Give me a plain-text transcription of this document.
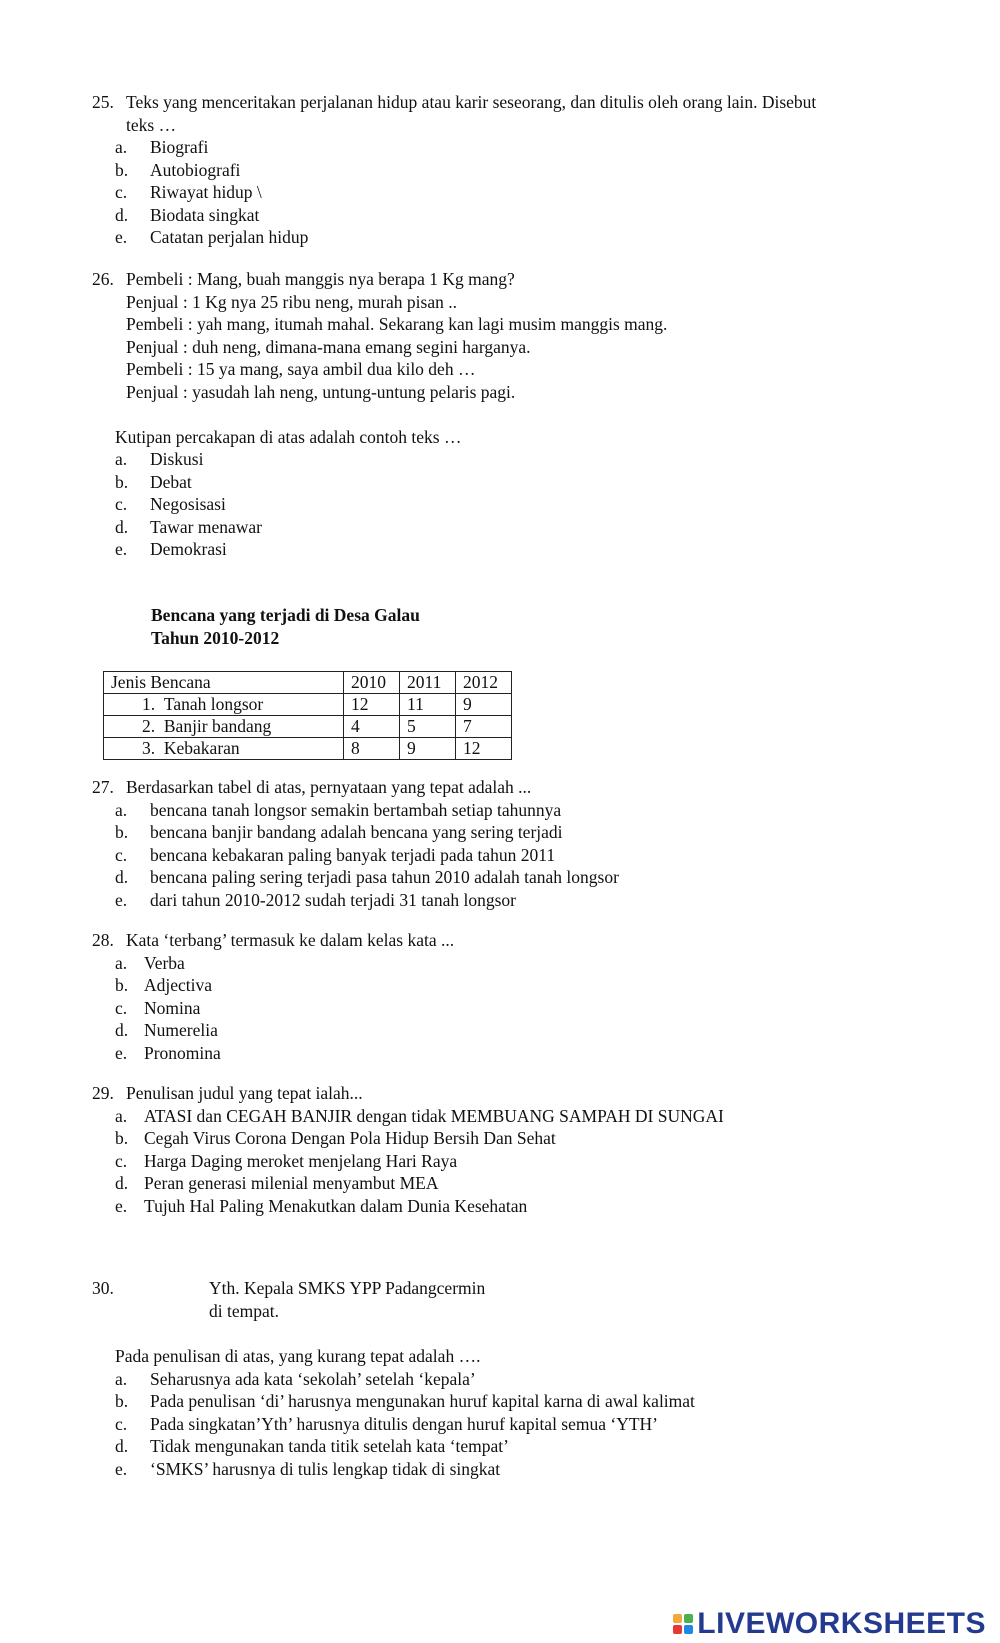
25. Teks yang menceritakan perjalanan hidup atau karir seseorang, dan ditulis oleh orang lain. Disebut
teks …
a. Biografi
b. Autobiografi
c. Riwayat hidup \
d. Biodata singkat
e. Catatan perjalan hidup
26. Pembeli : Mang, buah manggis nya berapa 1 Kg mang?
Penjual : 1 Kg nya 25 ribu neng, murah pisan ..
Pembeli : yah mang, itumah mahal. Sekarang kan lagi musim manggis mang.
Penjual : duh neng, dimana-mana emang segini harganya.
Pembeli : 15 ya mang, saya ambil dua kilo deh …
Penjual : yasudah lah neng, untung-untung pelaris pagi.
Kutipan percakapan di atas adalah contoh teks …
a. Diskusi
b. Debat
c. Negosisasi
d. Tawar menawar
e. Demokrasi
Bencana yang terjadi di Desa Galau
Tahun 2010-2012
Jenis Bencana	2010	2011	2012
1. Tanah longsor	12	11	9
2. Banjir bandang	4	5	7
3. Kebakaran	8	9	12
27. Berdasarkan tabel di atas, pernyataan yang tepat adalah ...
a. bencana tanah longsor semakin bertambah setiap tahunnya
b. bencana banjir bandang adalah bencana yang sering terjadi
c. bencana kebakaran paling banyak terjadi pada tahun 2011
d. bencana paling sering terjadi pasa tahun 2010 adalah tanah longsor
e. dari tahun 2010-2012 sudah terjadi 31 tanah longsor
28. Kata ‘terbang’ termasuk ke dalam kelas kata ...
a. Verba
b. Adjectiva
c. Nomina
d. Numerelia
e. Pronomina
29. Penulisan judul yang tepat ialah...
a. ATASI dan CEGAH BANJIR dengan tidak MEMBUANG SAMPAH DI SUNGAI
b. Cegah Virus Corona Dengan Pola Hidup Bersih Dan Sehat
c. Harga Daging meroket menjelang Hari Raya
d. Peran generasi milenial menyambut MEA
e. Tujuh Hal Paling Menakutkan dalam Dunia Kesehatan
30.	Yth. Kepala SMKS YPP Padangcermin
di tempat.
Pada penulisan di atas, yang kurang tepat adalah ….
a. Seharusnya ada kata ‘sekolah’ setelah ‘kepala’
b. Pada penulisan ‘di’ harusnya mengunakan huruf kapital karna di awal kalimat
c. Pada singkatan’Yth’ harusnya ditulis dengan huruf kapital semua ‘YTH’
d. Tidak mengunakan tanda titik setelah kata ‘tempat’
e. ‘SMKS’ harusnya di tulis lengkap tidak di singkat
LIVEWORKSHEETS
